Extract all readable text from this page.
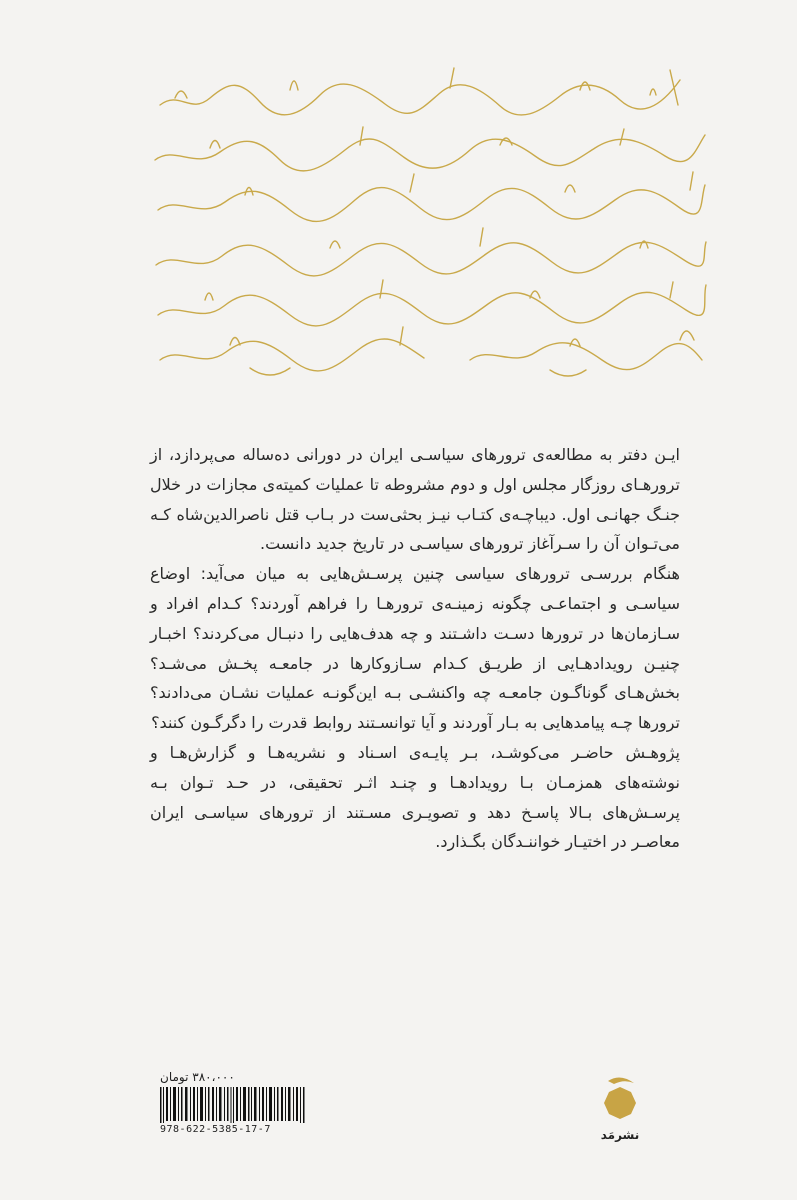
ایـن دفتر به مطالعه‌ی ترورهای سیاسـی ایران در دورانی ده‌ساله می‌پردازد، از ترورهـای روزگار مجلس اول و دوم مشروطه تا عملیات کمیته‌ی مجازات در خلال جنـگ جهانـی اول. دیباچـه‌ی کتـاب نیـز بحثی‌ست در بـاب قتل ناصرالدین‌شاه کـه می‌تـوان آن را سـرآغاز ترورهای سیاسـی در تاریخ جدید دانست.

هنگام بررسـی ترورهای سیاسی چنین پرسـش‌هایی به میان می‌آید: اوضاع سیاسـی و اجتماعـی چگونه زمینـه‌ی ترورهـا را فراهم آوردند؟ کـدام افراد و سـازمان‌ها در ترورها دسـت داشـتند و چه هدف‌هایی را دنبـال می‌کردند؟ اخبـار چنیـن رویدادهـایی از طریـق کـدام سـازوکارها در جامعـه پخـش می‌شـد؟ بخش‌هـای گوناگـون جامعـه چه واکنشـی بـه این‌گونـه عملیات نشـان می‌دادند؟ ترورها چـه پیامدهایی به بـار آوردند و آیا توانسـتند روابط قدرت را دگرگـون کنند؟

پژوهـش حاضـر می‌کوشـد، بـر پایـه‌ی اسـناد و نشریه‌هـا و گزارش‌هـا و نوشته‌های همزمـان بـا رویدادهـا و چنـد اثـر تحقیقی، در حـد تـوان بـه پرسـش‌های بـالا پاسـخ دهد و تصویـری مسـتند از ترورهای سیاسـی ایران معاصـر در اختیـار خواننـدگان بگـذارد.

۳۸۰،۰۰۰ تومان
978-622-5385-17-7	نشرمَد
